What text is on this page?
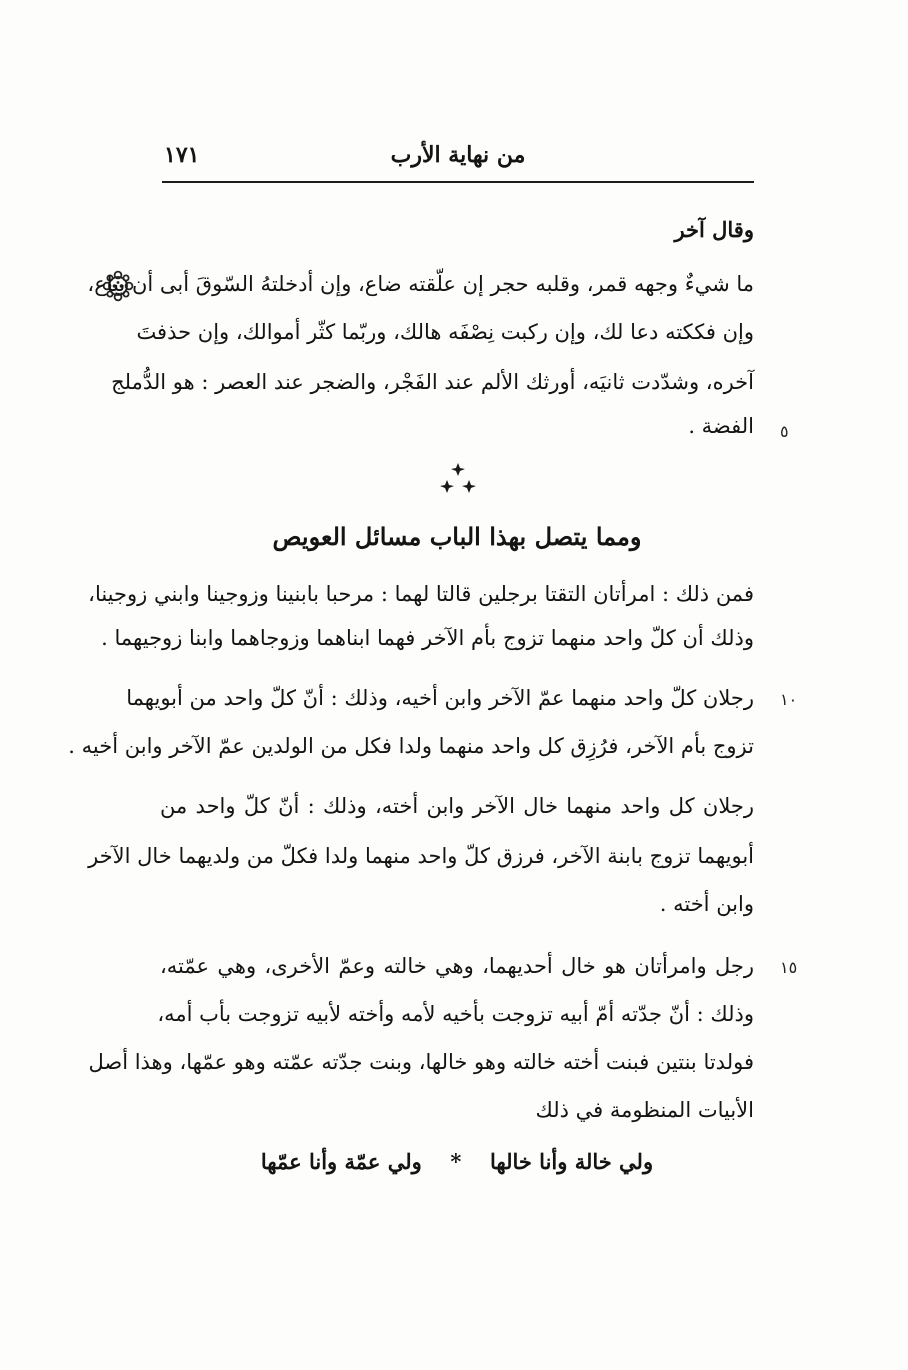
من نهاية الأرب
١٧١
وقال آخر
ما شيءٌ وجهه قمر، وقلبه حجر إن علّقته ضاع، وإن أدخلتهُ السّوقَ أبى أن يباع،
وإن فككته دعا لك، وإن ركبت نِصْفَه هالك، وربّما كثّر أموالك، وإن حذفتَ
آخره، وشدّدت ثانيَه، أورثك الألم عند الفَجْر، والضجر عند العصر : هو الدُّملج
الفضة . ٥
ومما يتصل بهذا الباب مسائل العويص
فمن ذلك : امرأتان التقتا برجلين قالتا لهما : مرحبا بابنينا وزوجينا وابني زوجينا،
وذلك أن كلّ واحد منهما تزوج بأم الآخر فهما ابناهما وزوجاهما وابنا زوجيهما .
رجلان كلّ واحد منهما عمّ الآخر وابن أخيه، وذلك : أنّ كلّ واحد من أبويهما
تزوج بأم الآخر، فرُزِق كل واحد منهما ولدا فكل من الولدين عمّ الآخر وابن أخيه .
١٠
رجلان كل واحد منهما خال الآخر وابن أخته، وذلك : أنّ كلّ واحد من
أبويهما تزوج بابنة الآخر، فرزق كلّ واحد منهما ولدا فكلّ من ولديهما خال الآخر
وابن أخته .
رجل وامرأتان هو خال أحديهما، وهي خالته وعمّ الأخرى، وهي عمّته،
وذلك : أنّ جدّته أمّ أبيه تزوجت بأخيه لأمه وأخته لأبيه تزوجت بأب أمه،
فولدتا بنتين فبنت أخته خالته وهو خالها، وبنت جدّته عمّته وهو عمّها، وهذا أصل
الأبيات المنظومة في ذلك
١٥
ولي خالة وأنا خالها  *  ولي عمّة وأنا عمّها
